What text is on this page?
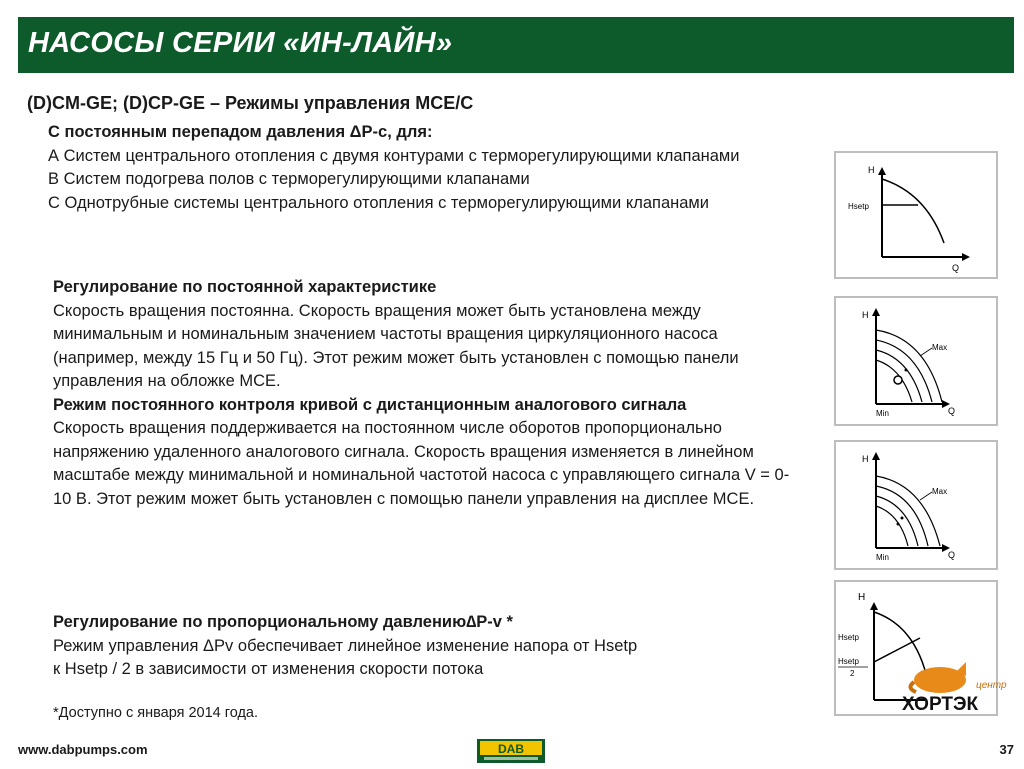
НАСОСЫ СЕРИИ «ИН-ЛАЙН»
(D)CM-GE; (D)CP-GE – Режимы управления MCE/C

С постоянным перепадом давления ΔP-c, для:

А Систем центрального отопления с двумя контурами с терморегулирующими клапанами

В Систем подогрева полов с терморегулирующими клапанами

С Однотрубные системы центрального отопления с терморегулирующими клапанами

Регулирование по постоянной характеристике

Скорость вращения постоянна. Скорость вращения может быть установлена между минимальным и номинальным значением частоты вращения циркуляционного насоса (например, между 15 Гц и 50 Гц). Этот режим может быть установлен с помощью панели управления на обложке MCE.

Режим постоянного контроля кривой с дистанционным аналогового сигнала

Скорость вращения поддерживается на постоянном числе оборотов пропорционально напряжению удаленного аналогового сигнала. Скорость вращения изменяется в линейном масштабе между минимальной и номинальной частотой насоса с управляющего сигнала V = 0-10 В. Этот режим может быть установлен с помощью панели управления на дисплее MCE.

Регулирование по пропорциональному давлению∆P-v *

Режим управления ΔPv обеспечивает линейное изменение напора от Hsetp

к Hsetp / 2 в зависимости от изменения скорости потока

*Доступно с января 2014 года.
H
Q
Hsetp
H
Q
Max
Min
H
Q
Max
Min
H
Hsetp
Hsetp
2
центр
ХОРТЭК
www.dabpumps.com	DAB	37
